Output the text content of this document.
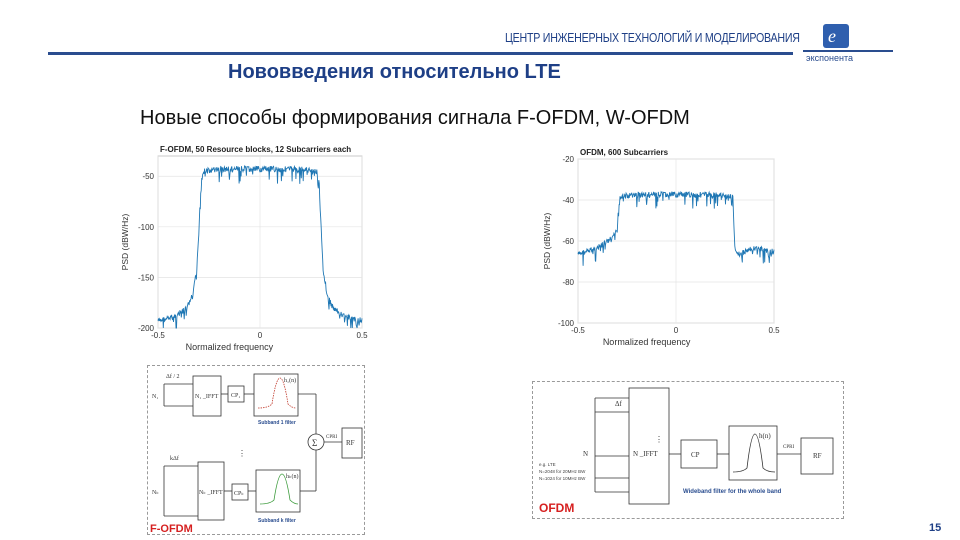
ЦЕНТР ИНЖЕНЕРНЫХ ТЕХНОЛОГИЙ И МОДЕЛИРОВАНИЯ e
экспонента
Нововведения относительно LTE
Новые способы формирования сигнала F-OFDM, W-OFDM
-0.5	0	0.5
-50
-100
-150
-200
F-OFDM, 50 Resource blocks, 12 Subcarriers each
Normalized frequency
PSD (dBW/Hz)
-0.5	0	0.5
-20
-40
-60
-80
-100
OFDM, 600 Subcarriers
Normalized frequency
PSD (dBW/Hz)
Δf / 2
N₁	N₁ _IFFT CP₁
h₁(n)
kΔf
Nₖ	Nₖ _IFFT CPₖ
hₖ(n)
Σ
CPRI
RF
Subband 1 filter
Subband k filter
⋮
F-OFDM
Δf
N	N _IFFT	CP
h(n)
CPRI
RF
⋮
e.g. LTE
N=2048 for 20MHz BW
N=1024 for 10MHz BW
Wideband filter for the whole band
OFDM
15
